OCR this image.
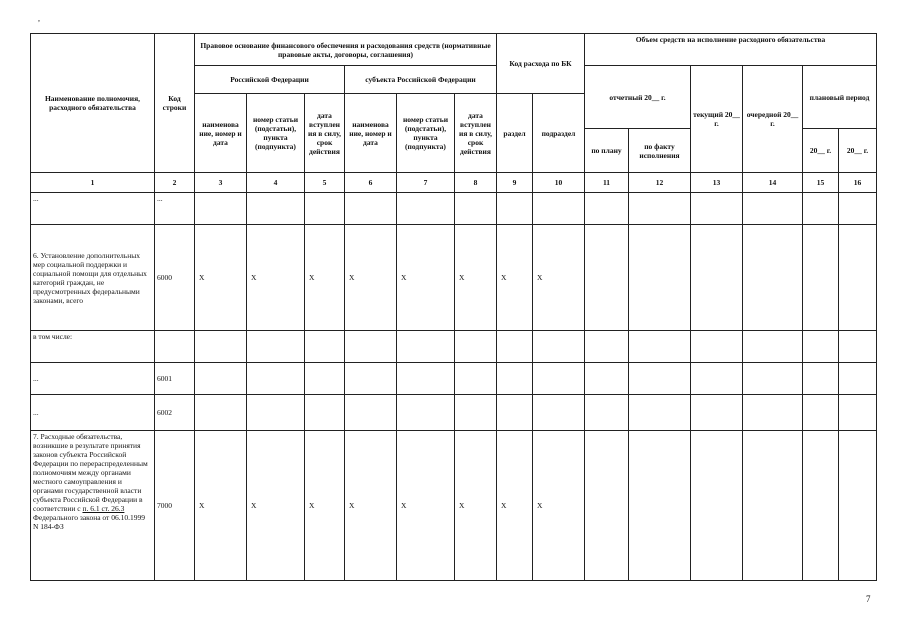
,
Наименование полномочия, расходного обязательства	Код строки	Правовое основание финансового обеспечения и расходования средств (нормативные правовые акты, договоры, соглашения)						Код расхода по БК		Объем средств на исполнение расходного обязательства					
		Российской Федерации			субъекта Российской Федерации					отчетный 20__ г.		текущий 20__ г.	очередной 20__ г.	плановый период	
		наименова ние, номер и дата	номер статьи (подстатьи), пункта (подпункта)	дата вступлен ия в силу, срок действия	наименова ние, номер и дата	номер статьи (подстатьи), пункта (подпункта)	дата вступлен ия в силу, срок действия	раздел	подраздел						
										по плану	по факту исполнения			20__ г.	20__ г.
1	2	3	4	5	6	7	8	9	10	11	12	13	14	15	16
...	...														
6. Установление дополнительных мер социальной поддержки и социальной помощи для отдельных категорий граждан, не предусмотренных федеральными законами, всего	6000	X	X	X	X	X	X	X	X						
в том числе:															
...	6001														
...	6002														
7. Расходные обязательства, возникшие в результате принятия законов субъекта Российской Федерации по перераспределенным полномочиям между органами местного самоуправления и органами государственной власти субъекта Российской Федерации в соответствии с п. 6.1 ст. 26.3 Федерального закона от 06.10.1999 N 184-ФЗ	7000	X	X	X	X	X	X	X	X						
7
